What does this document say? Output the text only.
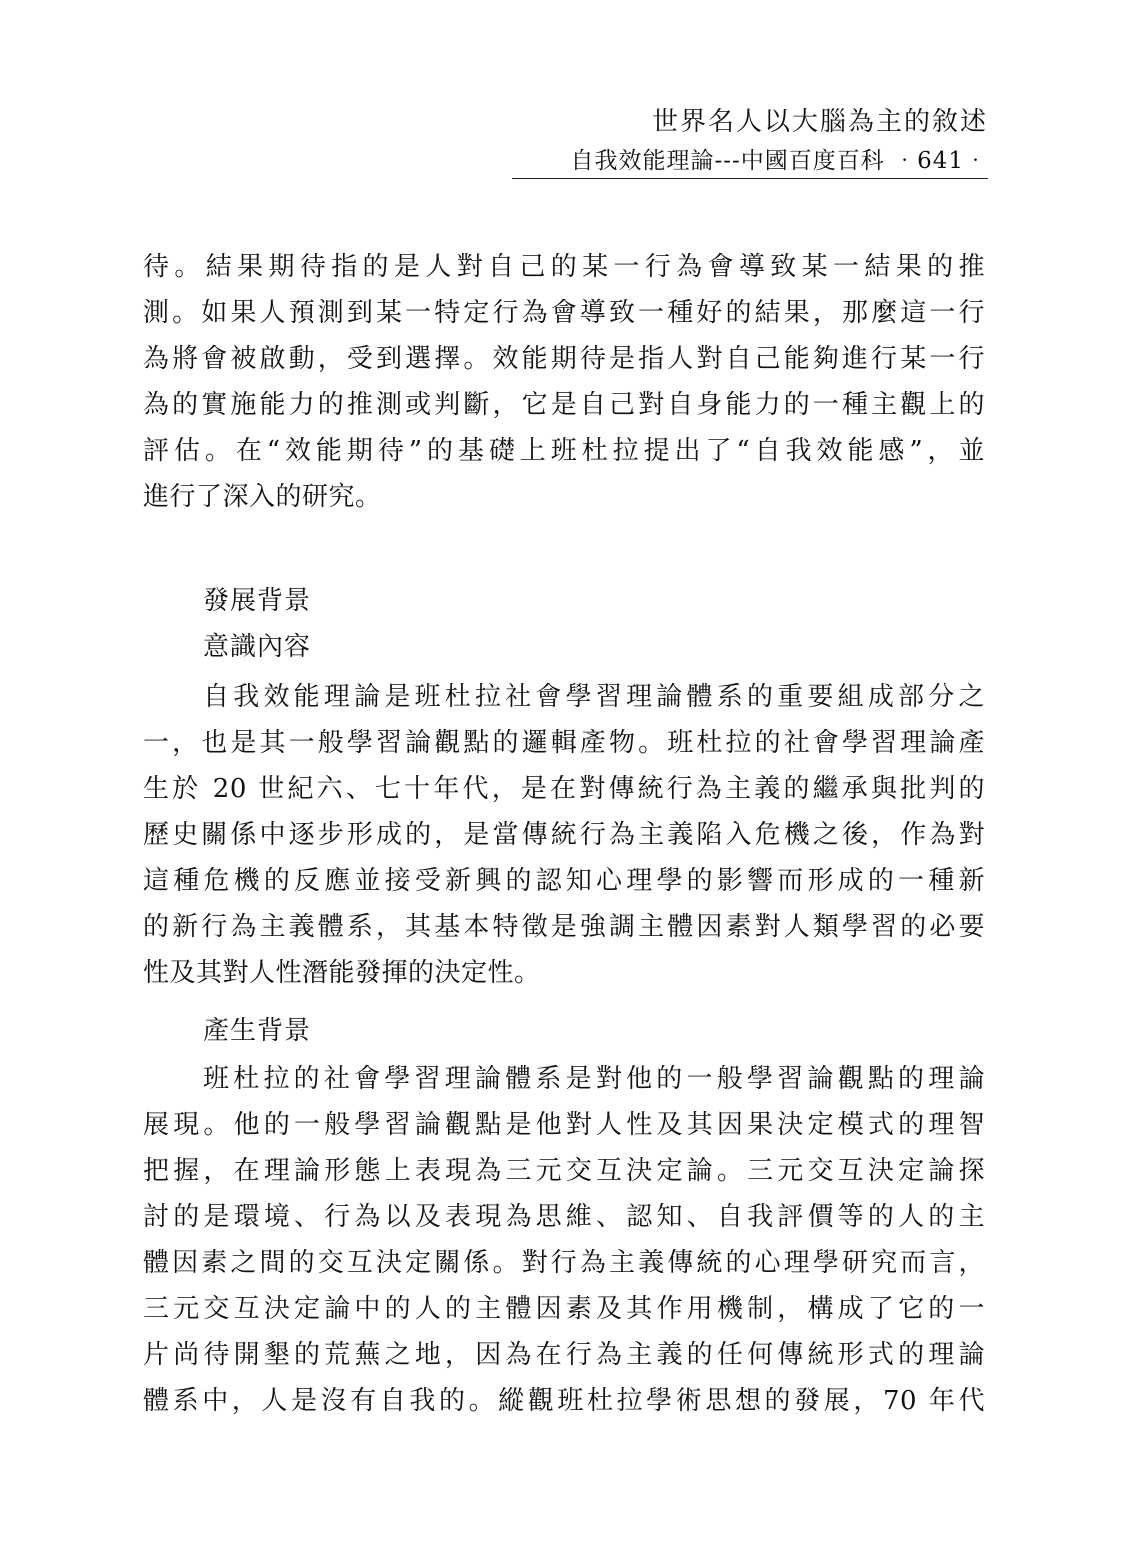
世界名人以大腦為主的敘述
自我效能理論---中國百度百科 ‧641‧
待。結果期待指的是人對自己的某一行為會導致某一結果的推
測。如果人預測到某一特定行為會導致一種好的結果，那麼這一行
為將會被啟動，受到選擇。效能期待是指人對自己能夠進行某一行
為的實施能力的推測或判斷，它是自己對自身能力的一種主觀上的
評估。在“效能期待”的基礎上班杜拉提出了“自我效能感”，並
進行了深入的研究。
發展背景
意識內容
自我效能理論是班杜拉社會學習理論體系的重要組成部分之
一，也是其一般學習論觀點的邏輯產物。班杜拉的社會學習理論產
生於 20 世紀六、七十年代，是在對傳統行為主義的繼承與批判的
歷史關係中逐步形成的，是當傳統行為主義陷入危機之後，作為對
這種危機的反應並接受新興的認知心理學的影響而形成的一種新
的新行為主義體系，其基本特徵是強調主體因素對人類學習的必要
性及其對人性潛能發揮的決定性。
產生背景
班杜拉的社會學習理論體系是對他的一般學習論觀點的理論
展現。他的一般學習論觀點是他對人性及其因果決定模式的理智
把握，在理論形態上表現為三元交互決定論。三元交互決定論探
討的是環境、行為以及表現為思維、認知、自我評價等的人的主
體因素之間的交互決定關係。對行為主義傳統的心理學研究而言，
三元交互決定論中的人的主體因素及其作用機制，構成了它的一
片尚待開墾的荒蕪之地，因為在行為主義的任何傳統形式的理論
體系中，人是沒有自我的。縱觀班杜拉學術思想的發展，70 年代
